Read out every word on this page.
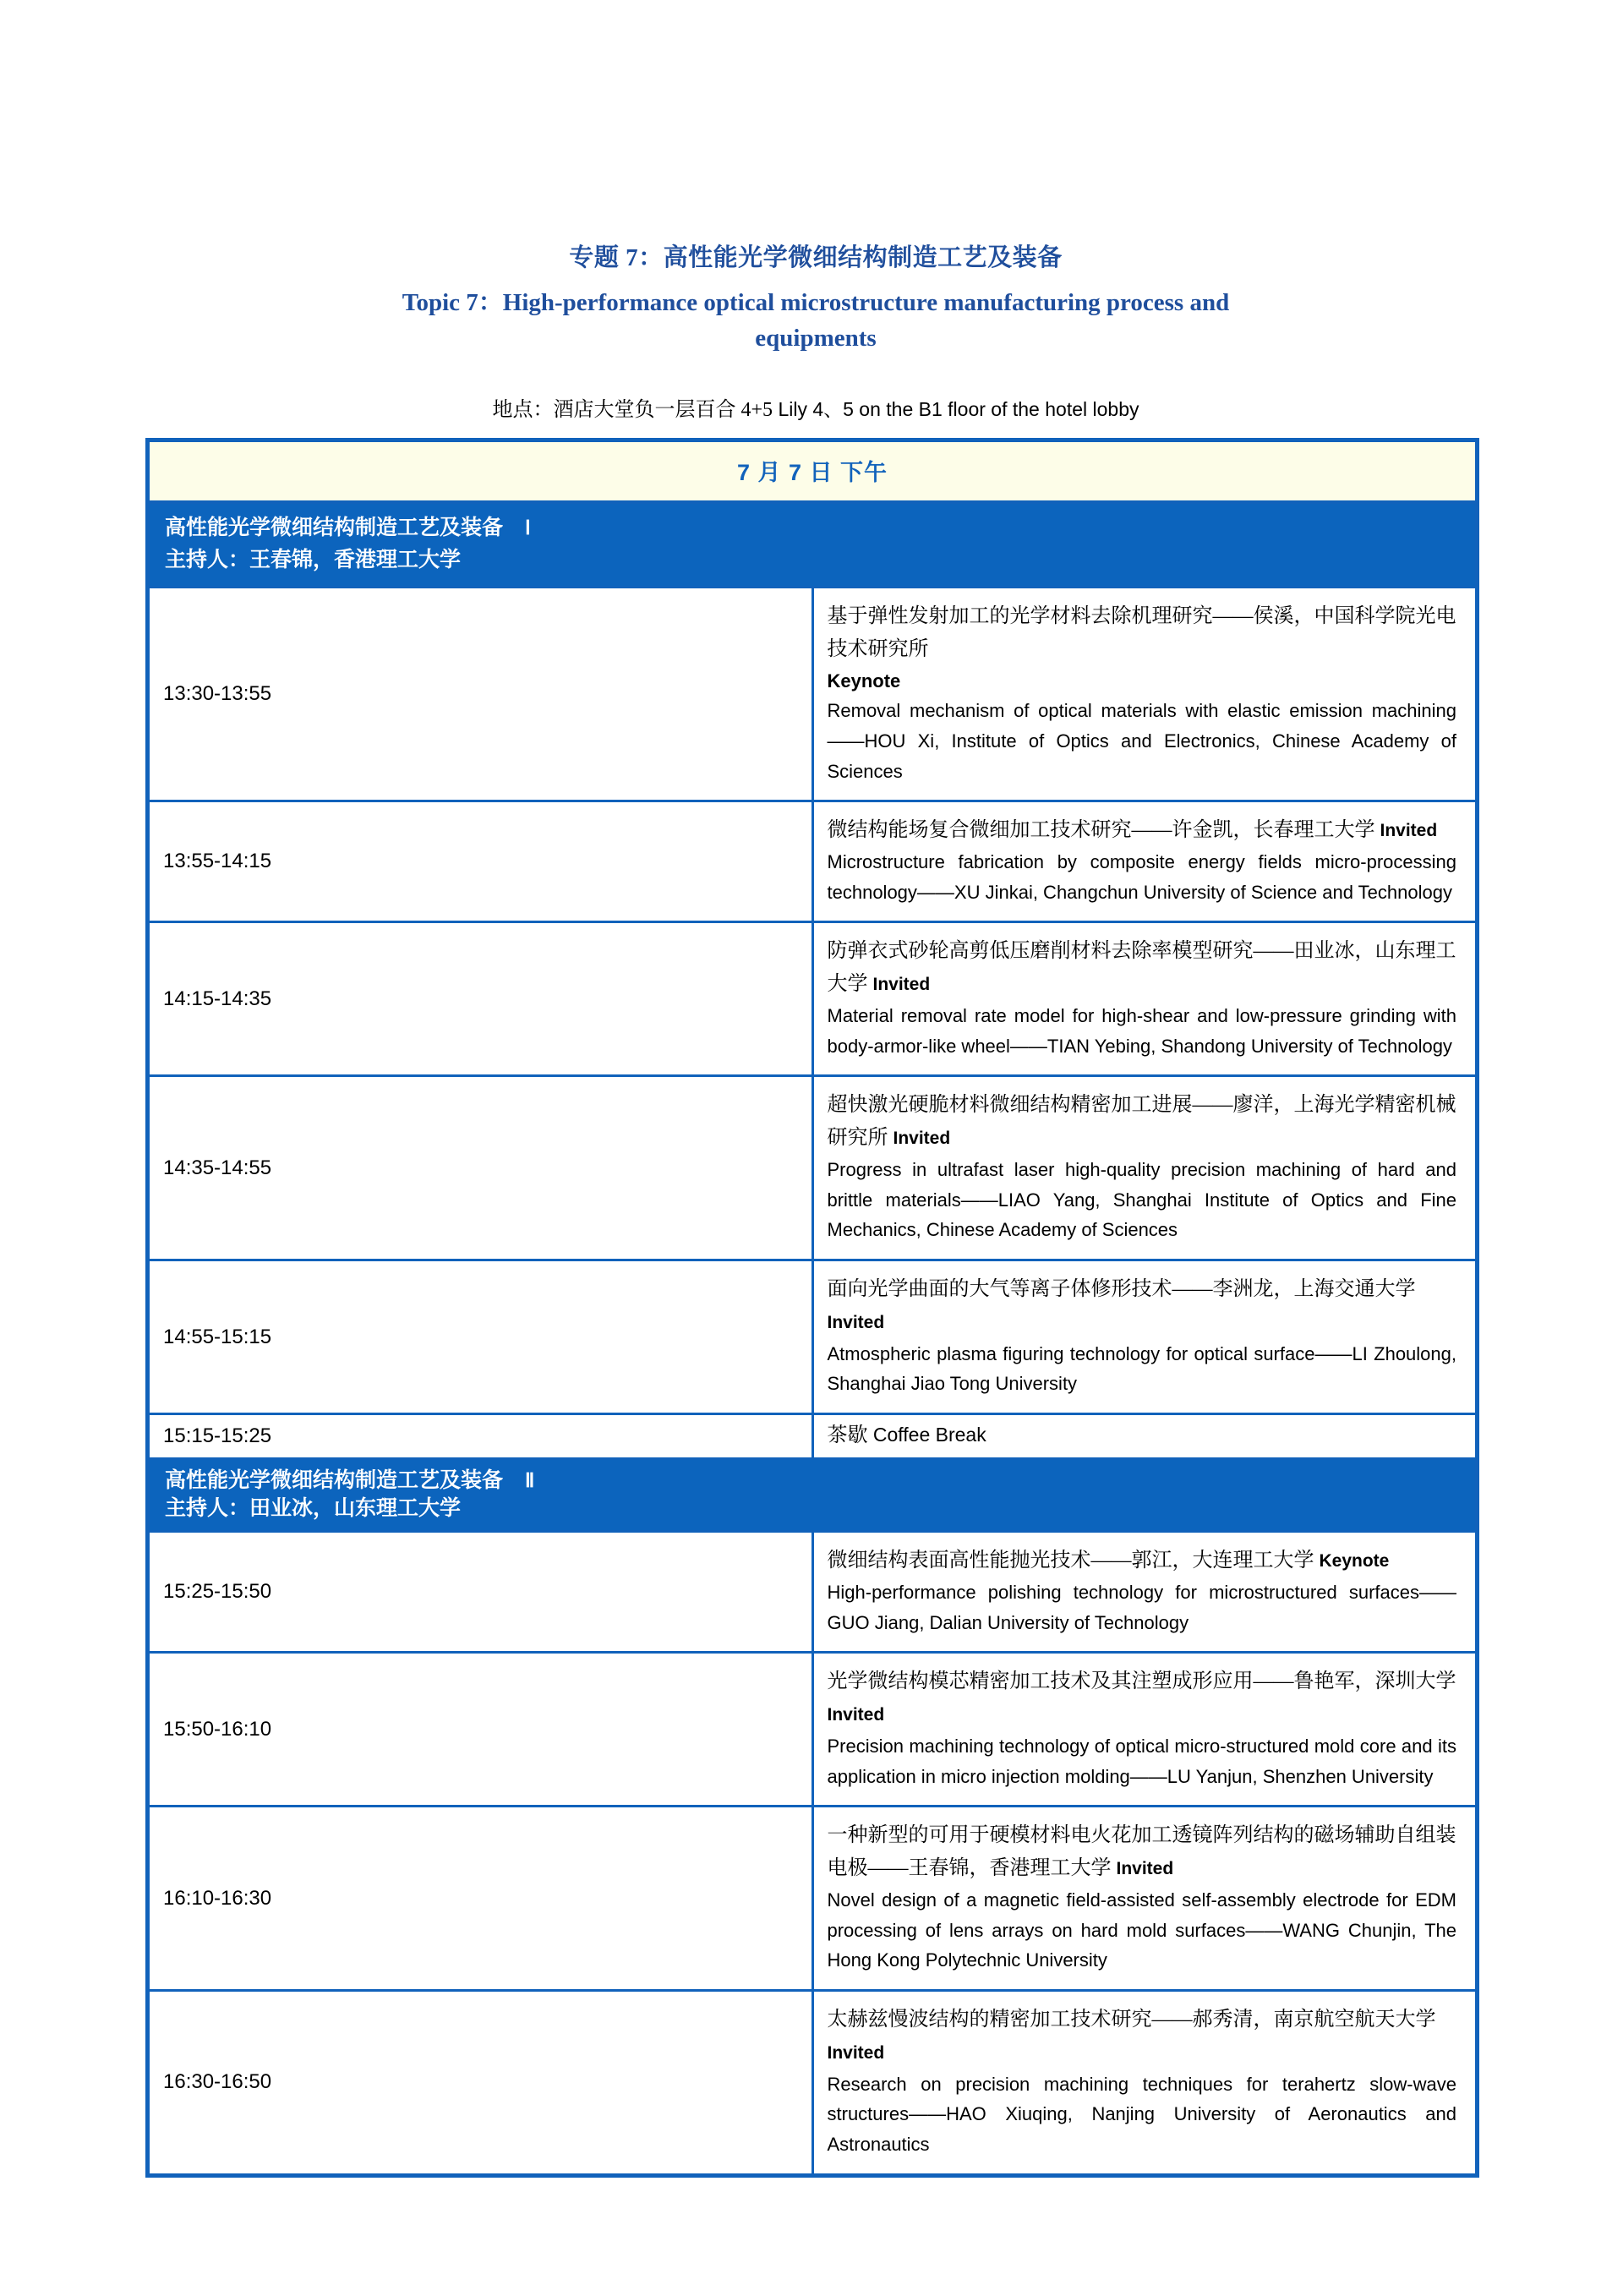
专题 7：高性能光学微细结构制造工艺及装备
Topic 7：High-performance optical microstructure manufacturing process and
equipments
地点：酒店大堂负一层百合 4+5 Lily 4、5 on the B1 floor of the hotel lobby
7 月 7 日 下午	

高性能光学微细结构制造工艺及装备 Ⅰ
主持人：王春锦，香港理工大学	

13:30-13:55	基于弹性发射加工的光学材料去除机理研究——侯溪，中国科学院光电技术研究所
Keynote
Removal mechanism of optical materials with elastic emission machining——HOU Xi, Institute of Optics and Electronics, Chinese Academy of Sciences

13:55-14:15	微结构能场复合微细加工技术研究——许金凯，长春理工大学 Invited
Microstructure fabrication by composite energy fields micro-processing technology——XU Jinkai, Changchun University of Science and Technology

14:15-14:35	防弹衣式砂轮高剪低压磨削材料去除率模型研究——田业冰，山东理工大学 Invited
Material removal rate model for high-shear and low-pressure grinding with body-armor-like wheel——TIAN Yebing, Shandong University of Technology

14:35-14:55	超快激光硬脆材料微细结构精密加工进展——廖洋，上海光学精密机械研究所 Invited
Progress in ultrafast laser high-quality precision machining of hard and brittle materials——LIAO Yang, Shanghai Institute of Optics and Fine Mechanics, Chinese Academy of Sciences

14:55-15:15	面向光学曲面的大气等离子体修形技术——李洲龙，上海交通大学 Invited
Atmospheric plasma figuring technology for optical surface——LI Zhoulong, Shanghai Jiao Tong University

15:15-15:25	茶歇 Coffee Break

高性能光学微细结构制造工艺及装备 Ⅱ
主持人：田业冰，山东理工大学	

15:25-15:50	微细结构表面高性能抛光技术——郭江，大连理工大学 Keynote
High-performance polishing technology for microstructured surfaces——GUO Jiang, Dalian University of Technology

15:50-16:10	光学微结构模芯精密加工技术及其注塑成形应用——鲁艳军，深圳大学 Invited
Precision machining technology of optical micro-structured mold core and its application in micro injection molding——LU Yanjun, Shenzhen University

16:10-16:30	一种新型的可用于硬模材料电火花加工透镜阵列结构的磁场辅助自组装电极——王春锦，香港理工大学 Invited
Novel design of a magnetic field-assisted self-assembly electrode for EDM processing of lens arrays on hard mold surfaces——WANG Chunjin, The Hong Kong Polytechnic University

16:30-16:50	太赫兹慢波结构的精密加工技术研究——郝秀清，南京航空航天大学 Invited
Research on precision machining techniques for terahertz slow-wave structures——HAO Xiuqing, Nanjing University of Aeronautics and Astronautics
